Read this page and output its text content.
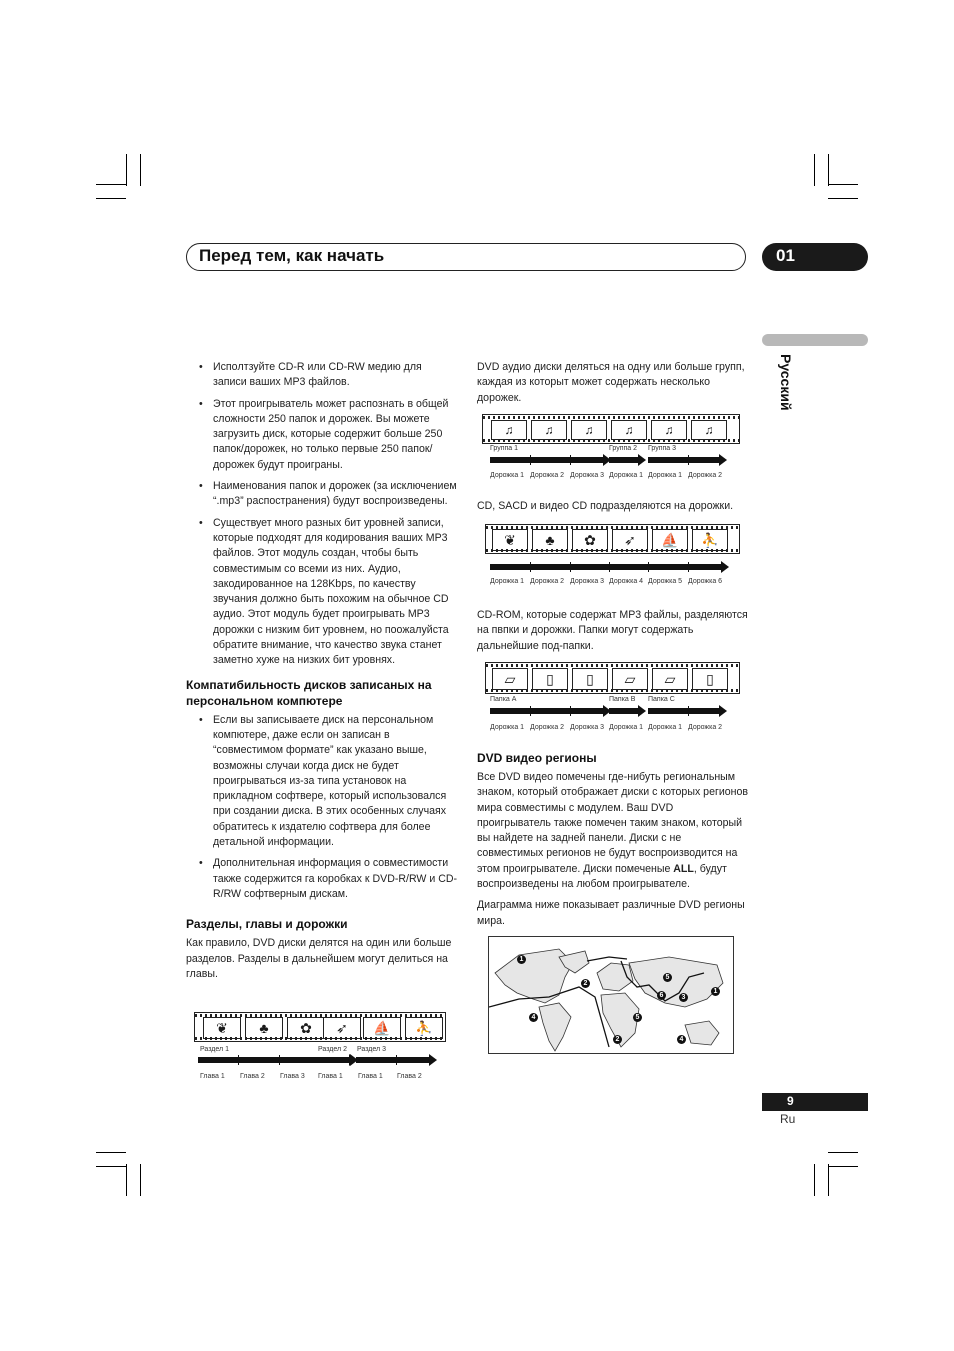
Перед тем, как начать	01
Русский
• Испoлтзуйте CD-R или CD-RW медию для записи ваших MP3 файлов.
• Этот проигрыватель может распознать в общей сложности 250 папок и дорожек. Вы можете загрузить диск, которые содержит больше 250 папок/дорожек, но только первые 250 папок/дорожек будут проиграны.
• Наименования папок и дорожек (за исключением “.mp3” распостранения) будут воспроизведены.
• Существует много разных бит уровней записи, которые подходят для кодирования ваших MP3 файлов. Этот модуль создан, чтобы быть совместимым со всеми из них. Аудио, закодированное на 128Kbps, по качеству звучания должно быть похожим на обычное CD аудио. Этот модуль будет проигрывать MP3 дорожки с низким бит уровнем, но поожалуйста обратите внимание, что качество звука станет заметно хуже на низких бит уровнях.
Компатибильность дисков записаных на персональном компютере
• Если вы записываете диск на персональном компютере, даже если он записан в “совместимом формате” как указано выше, возможны случаи когда диск не будет проигрываться из-за типа установок на прикладном софтвере, который использовался при создании диска. В этих особенных случаях обратитесь к издателю софтвера для более детальной информации.
• Дополнительная информация о совместимости также содержится га коробках к DVD-R/RW и CD-R/RW софтверным дискам.
Разделы, главы и дорожки

Как правило, DVD диски делятся на один или больше разделов. Разделы в дальнейшем могут делиться на главы.

❦	♣	✿	➶	⛵	⛹
Раздел 1	Раздел 2 Раздел 3
Глава 1 Глава 2 Глава 3 Глава 1 Глава 1 Глава 2
DVD аудио диски деляться на одну или больше групп, каждая из которыт может содержать несколько дорожек.
♫	♫	♫	♫	♫	♫
Группа 1	Группа 2 Группа 3
Дорожка 1 Дорожка 2 Дорожка 3 Дорожка 1 Дорожка 1 Дорожка 2
CD, SACD и видео CD подразделяются на дорожки.
❦	♣	✿	➶	⛵	⛹
Дорожка 1 Дорожка 2 Дорожка 3 Дорожка 4 Дорожка 5 Дорожка 6
CD-ROM, которые содержат MP3 файлы, разделяются на пвпки и дорожки. Папки могут содержать дальнейшие под-папки.
▱	▯	▯	▱	▱	▯
Папка A	Папка B Папка C
Дорожка 1 Дорожка 2 Дорожка 3 Дорожка 1 Дорожка 1 Дорожка 2
DVD видео регионы

Все DVD видео помечены где-нибуть региональным знаком, который отображает диски с которых регионов мира совместимы с модулем. Ваш DVD проигрыватель также помечен таким знаком, который вы найдете на задней панели. Диски с не совместимых регионов не будут воспроизводится на этом проигрывателе. Диски помеченые ALL, будут воспроизведены на любом проигрывателе.

Диаграмма ниже показывает различные DVD регионы мира.

1
2
4
5
6	3
1
5
2	4
9
Ru
